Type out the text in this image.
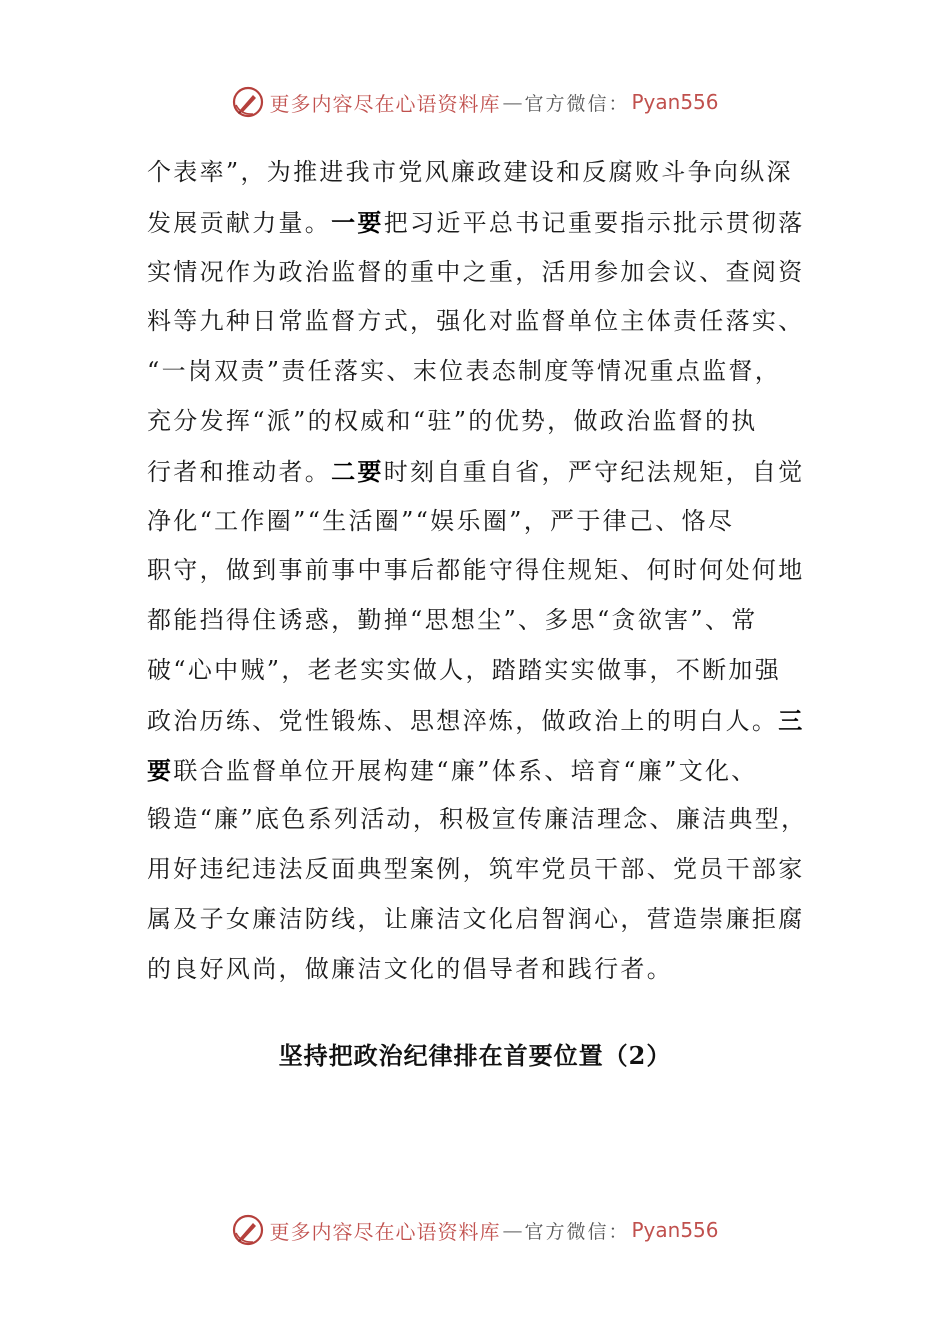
更多内容尽在心语资料库 — 官方微信： Pyan556
个表率”，为推进我市党风廉政建设和反腐败斗争向纵深
发展贡献力量。一要把习近平总书记重要指示批示贯彻落
实情况作为政治监督的重中之重，活用参加会议、查阅资
料等九种日常监督方式，强化对监督单位主体责任落实、
“一岗双责”责任落实、末位表态制度等情况重点监督，
充分发挥“派”的权威和“驻”的优势，做政治监督的执
行者和推动者。二要时刻自重自省，严守纪法规矩，自觉
净化“工作圈”“生活圈”“娱乐圈”，严于律己、恪尽
职守，做到事前事中事后都能守得住规矩、何时何处何地
都能挡得住诱惑，勤掸“思想尘”、多思“贪欲害”、常
破“心中贼”，老老实实做人，踏踏实实做事，不断加强
政治历练、党性锻炼、思想淬炼，做政治上的明白人。三
要联合监督单位开展构建“廉”体系、培育“廉”文化、
锻造“廉”底色系列活动，积极宣传廉洁理念、廉洁典型，
用好违纪违法反面典型案例，筑牢党员干部、党员干部家
属及子女廉洁防线，让廉洁文化启智润心，营造崇廉拒腐
的良好风尚，做廉洁文化的倡导者和践行者。
坚持把政治纪律排在首要位置（2）
更多内容尽在心语资料库 — 官方微信： Pyan556
